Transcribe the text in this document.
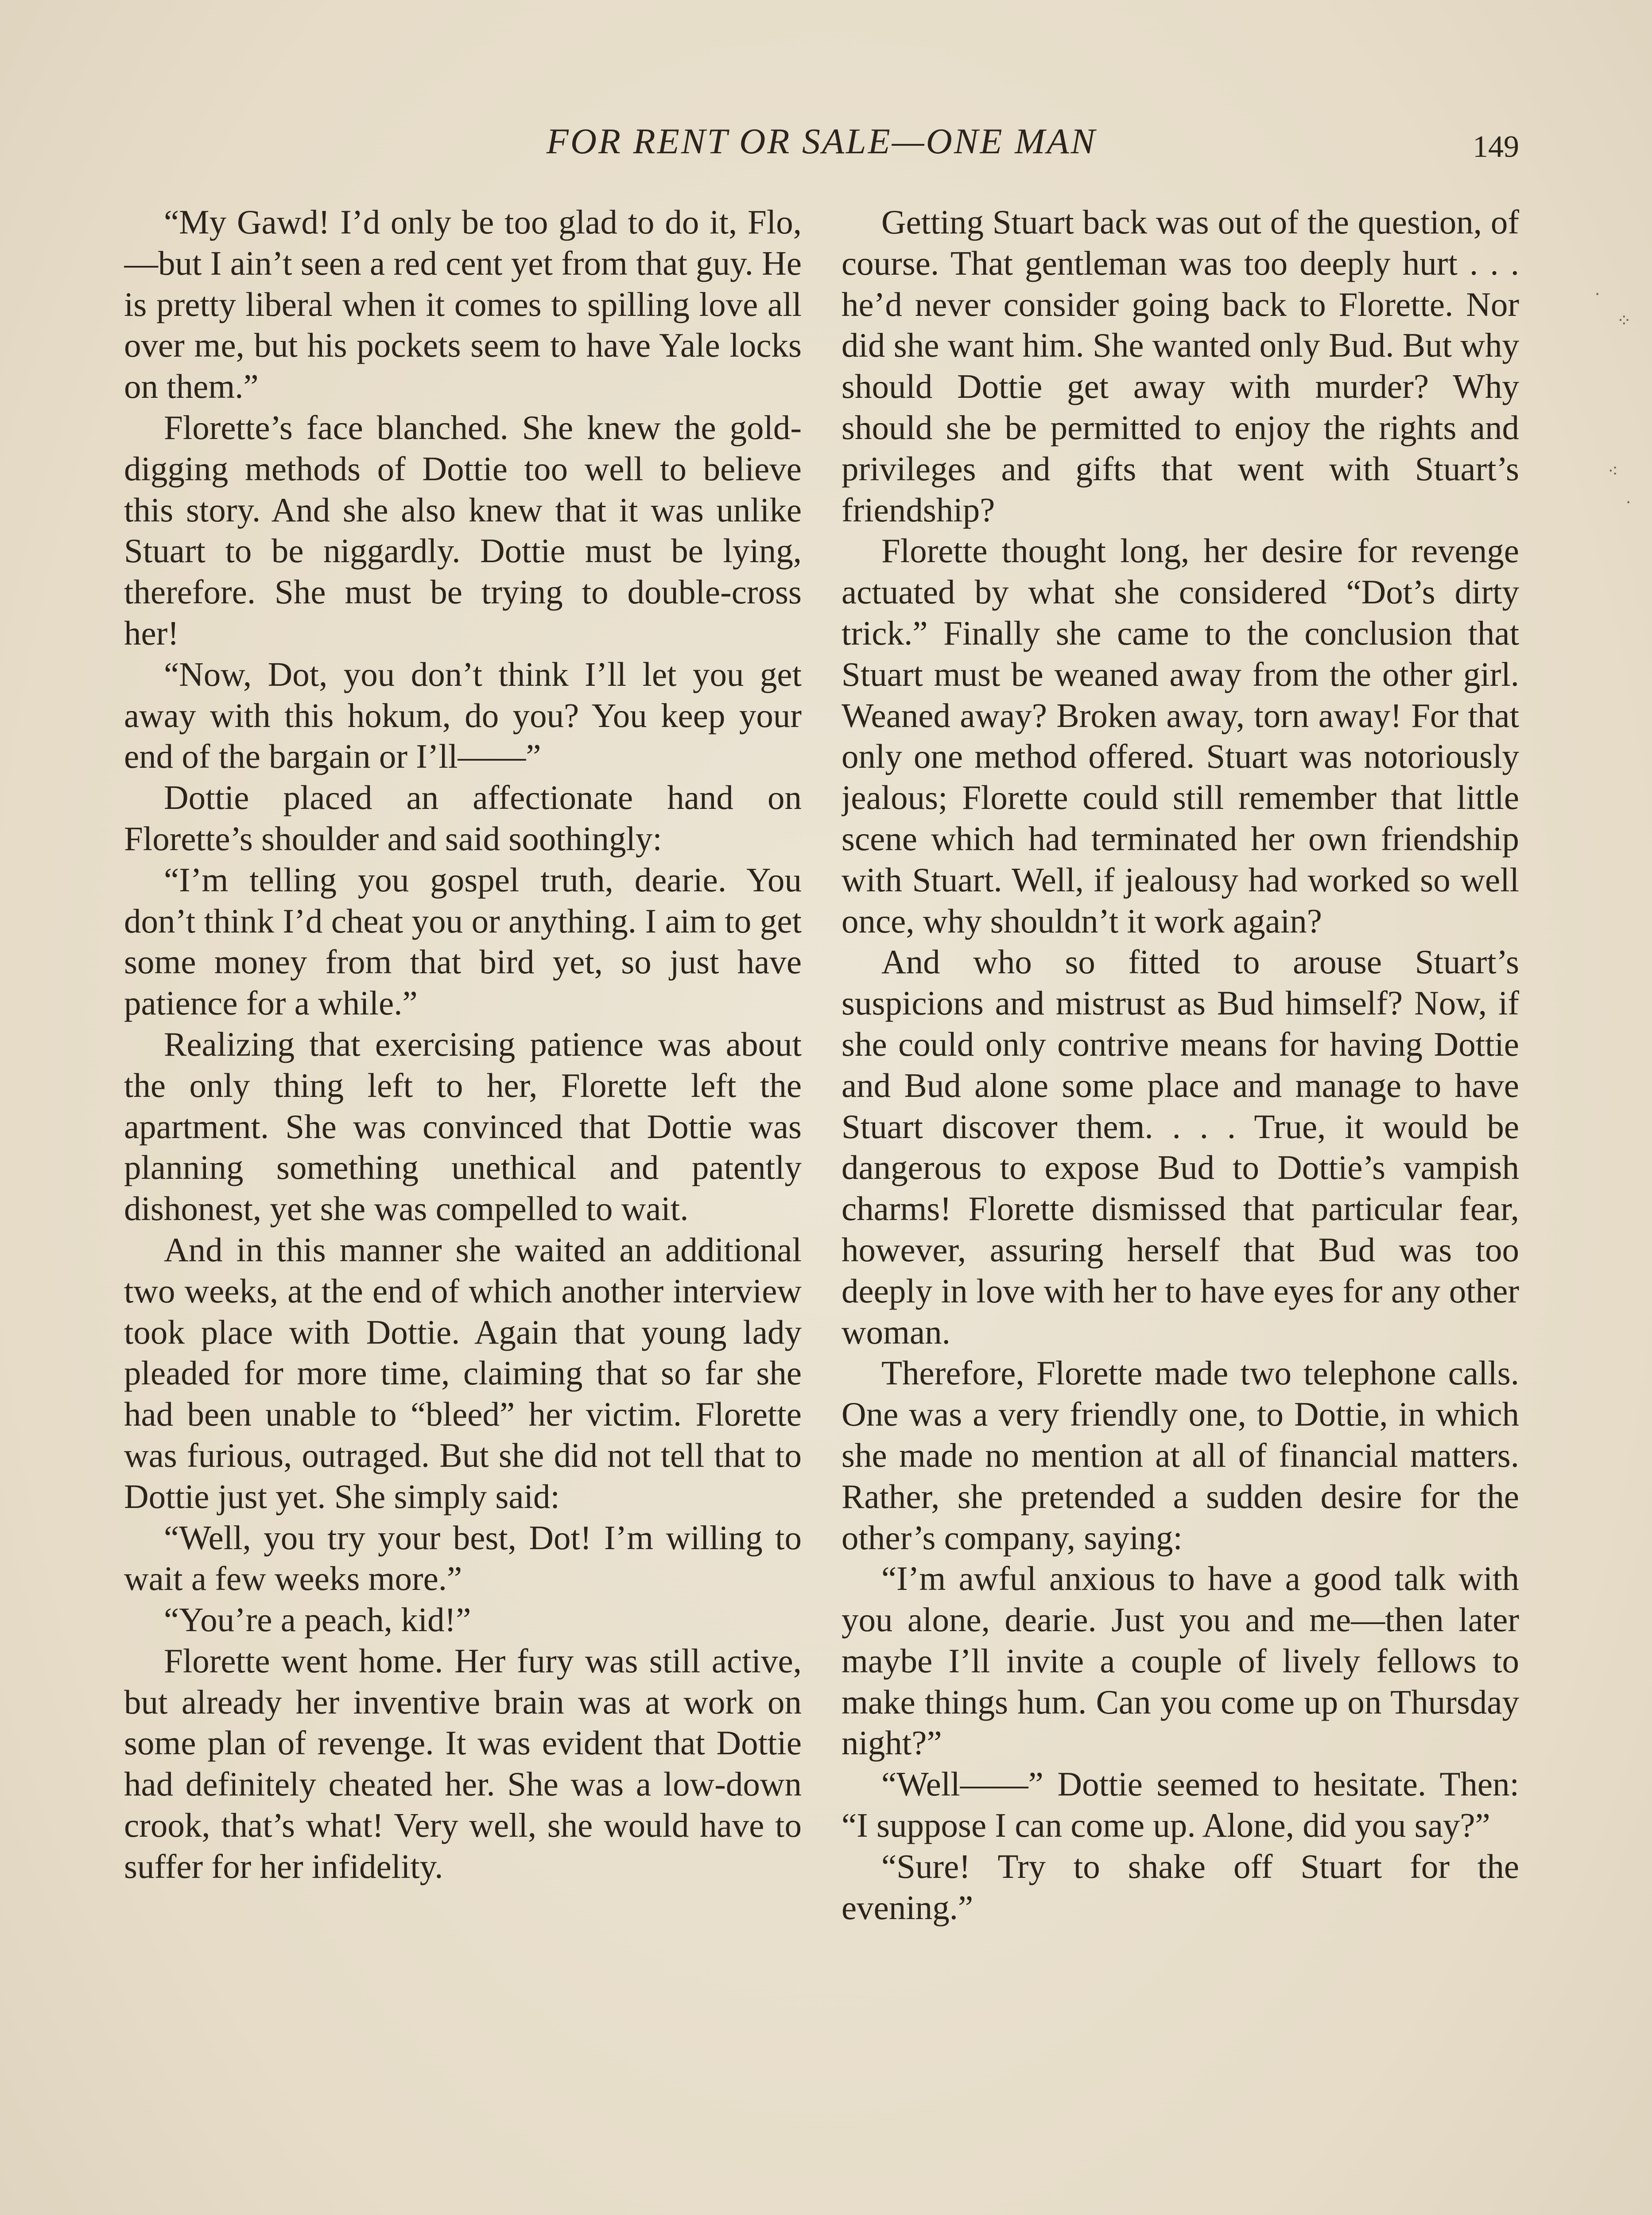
FOR RENT OR SALE—ONE MAN	149

“My Gawd! I’d only be too glad to do it, Flo,—but I ain’t seen a red cent yet from that guy. He is pretty liberal when it comes to spilling love all over me, but his pockets seem to have Yale locks on them.”

Florette’s face blanched. She knew the gold-digging methods of Dottie too well to believe this story. And she also knew that it was unlike Stuart to be niggardly. Dottie must be lying, therefore. She must be trying to double-cross her!

“Now, Dot, you don’t think I’ll let you get away with this hokum, do you? You keep your end of the bargain or I’ll——”

Dottie placed an affectionate hand on Florette’s shoulder and said soothingly:

“I’m telling you gospel truth, dearie. You don’t think I’d cheat you or anything. I aim to get some money from that bird yet, so just have patience for a while.”

Realizing that exercising patience was about the only thing left to her, Florette left the apartment. She was convinced that Dottie was planning something unethical and patently dishonest, yet she was compelled to wait.

And in this manner she waited an additional two weeks, at the end of which another interview took place with Dottie. Again that young lady pleaded for more time, claiming that so far she had been unable to “bleed” her victim. Florette was furious, outraged. But she did not tell that to Dottie just yet. She simply said:

“Well, you try your best, Dot! I’m willing to wait a few weeks more.”

“You’re a peach, kid!”

Florette went home. Her fury was still active, but already her inventive brain was at work on some plan of revenge. It was evident that Dottie had definitely cheated her. She was a low-down crook, that’s what! Very well, she would have to suffer for her infidelity.

Getting Stuart back was out of the question, of course. That gentleman was too deeply hurt . . . he’d never consider going back to Florette. Nor did she want him. She wanted only Bud. But why should Dottie get away with murder? Why should she be permitted to enjoy the rights and privileges and gifts that went with Stuart’s friendship?

Florette thought long, her desire for revenge actuated by what she considered “Dot’s dirty trick.” Finally she came to the conclusion that Stuart must be weaned away from the other girl. Weaned away? Broken away, torn away! For that only one method offered. Stuart was notoriously jealous; Florette could still remember that little scene which had terminated her own friendship with Stuart. Well, if jealousy had worked so well once, why shouldn’t it work again?

And who so fitted to arouse Stuart’s suspicions and mistrust as Bud himself? Now, if she could only contrive means for having Dottie and Bud alone some place and manage to have Stuart discover them. . . . True, it would be dangerous to expose Bud to Dottie’s vampish charms! Florette dismissed that particular fear, however, assuring herself that Bud was too deeply in love with her to have eyes for any other woman.

Therefore, Florette made two telephone calls. One was a very friendly one, to Dottie, in which she made no mention at all of financial matters. Rather, she pretended a sudden desire for the other’s company, saying:

“I’m awful anxious to have a good talk with you alone, dearie. Just you and me—then later maybe I’ll invite a couple of lively fellows to make things hum. Can you come up on Thursday night?”

“Well——” Dottie seemed to hesitate. Then: “I suppose I can come up. Alone, did you say?”

“Sure! Try to shake off Stuart for the evening.”

·
⁘
⁖
·
